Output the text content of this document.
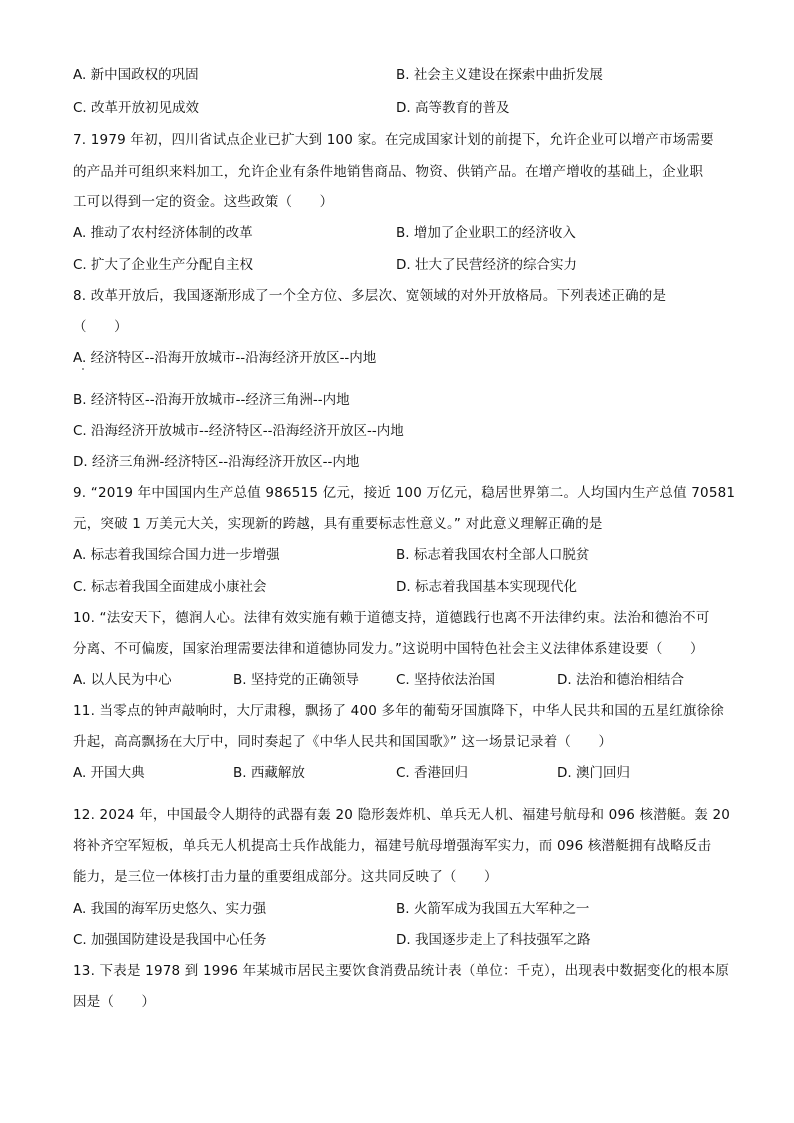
A. 新中国政权的巩固	B. 社会主义建设在探索中曲折发展
C. 改革开放初见成效	D. 高等教育的普及
7. 1979 年初，四川省试点企业已扩大到 100 家。在完成国家计划的前提下，允许企业可以增产市场需要
的产品并可组织来料加工，允许企业有条件地销售商品、物资、供销产品。在增产增收的基础上，企业职
工可以得到一定的资金。这些政策（　　）
A. 推动了农村经济体制的改革	B. 增加了企业职工的经济收入
C. 扩大了企业生产分配自主权	D. 壮大了民营经济的综合实力
8. 改革开放后，我国逐渐形成了一个全方位、多层次、宽领域的对外开放格局。下列表述正确的是
（　　）
A. 经济特区--沿海开放城市--沿海经济开放区--内地
B. 经济特区--沿海开放城市--经济三角洲--内地
C. 沿海经济开放城市--经济特区--沿海经济开放区--内地
D. 经济三角洲-经济特区--沿海经济开放区--内地
9. “2019 年中国国内生产总值 986515 亿元，接近 100 万亿元，稳居世界第二。人均国内生产总值 70581
元，突破 1 万美元大关，实现新的跨越，具有重要标志性意义。” 对此意义理解正确的是
A. 标志着我国综合国力进一步增强	B. 标志着我国农村全部人口脱贫
C. 标志着我国全面建成小康社会	D. 标志着我国基本实现现代化
10. “法安天下，德润人心。法律有效实施有赖于道德支持，道德践行也离不开法律约束。法治和德治不可
分离、不可偏废，国家治理需要法律和道德协同发力。”这说明中国特色社会主义法律体系建设要（　　）
A. 以人民为中心	B. 坚持党的正确领导	C. 坚持依法治国	D. 法治和德治相结合
11. 当零点的钟声敲响时，大厅肃穆，飘扬了 400 多年的葡萄牙国旗降下，中华人民共和国的五星红旗徐徐
升起，高高飘扬在大厅中，同时奏起了《中华人民共和国国歌》” 这一场景记录着（　　）
A. 开国大典	B. 西藏解放	C. 香港回归	D. 澳门回归
12. 2024 年，中国最令人期待的武器有轰 20 隐形轰炸机、单兵无人机、福建号航母和 096 核潜艇。轰 20
将补齐空军短板，单兵无人机提高士兵作战能力，福建号航母增强海军实力，而 096 核潜艇拥有战略反击
能力，是三位一体核打击力量的重要组成部分。这共同反映了（　　）
A. 我国的海军历史悠久、实力强	B. 火箭军成为我国五大军种之一
C. 加强国防建设是我国中心任务	D. 我国逐步走上了科技强军之路
13. 下表是 1978 到 1996 年某城市居民主要饮食消费品统计表（单位：千克），出现表中数据变化的根本原
因是（　　）
